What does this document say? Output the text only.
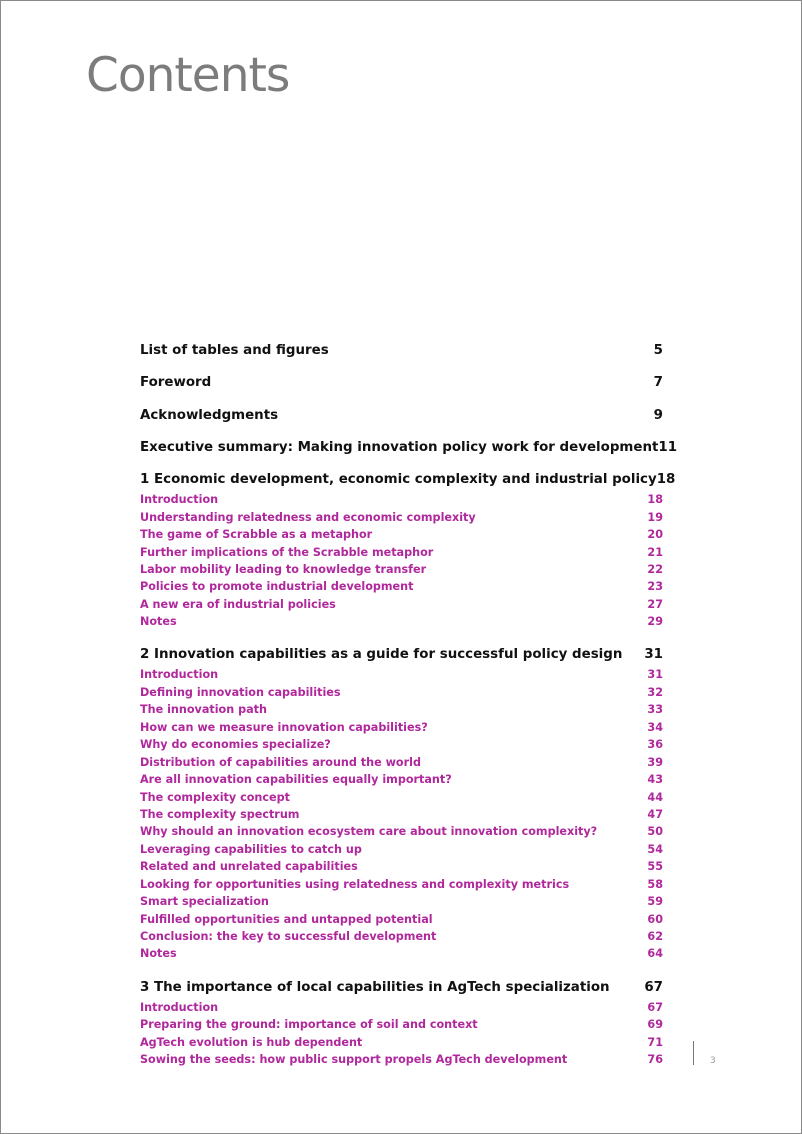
Contents
List of tables and figures	5
Foreword	7
Acknowledgments	9
Executive summary: Making innovation policy work for development 11
1 Economic development, economic complexity and industrial policy 18
Introduction	18
Understanding relatedness and economic complexity	19
The game of Scrabble as a metaphor	20
Further implications of the Scrabble metaphor	21
Labor mobility leading to knowledge transfer	22
Policies to promote industrial development	23
A new era of industrial policies	27
Notes	29
2 Innovation capabilities as a guide for successful policy design 31
Introduction	31
Defining innovation capabilities	32
The innovation path	33
How can we measure innovation capabilities?	34
Why do economies specialize?	36
Distribution of capabilities around the world	39
Are all innovation capabilities equally important?	43
The complexity concept	44
The complexity spectrum	47
Why should an innovation ecosystem care about innovation complexity?	50
Leveraging capabilities to catch up	54
Related and unrelated capabilities	55
Looking for opportunities using relatedness and complexity metrics	58
Smart specialization	59
Fulfilled opportunities and untapped potential	60
Conclusion: the key to successful development	62
Notes	64
3 The importance of local capabilities in AgTech specialization	67
Introduction	67
Preparing the ground: importance of soil and context	69
AgTech evolution is hub dependent	71
Sowing the seeds: how public support propels AgTech development	76	3
